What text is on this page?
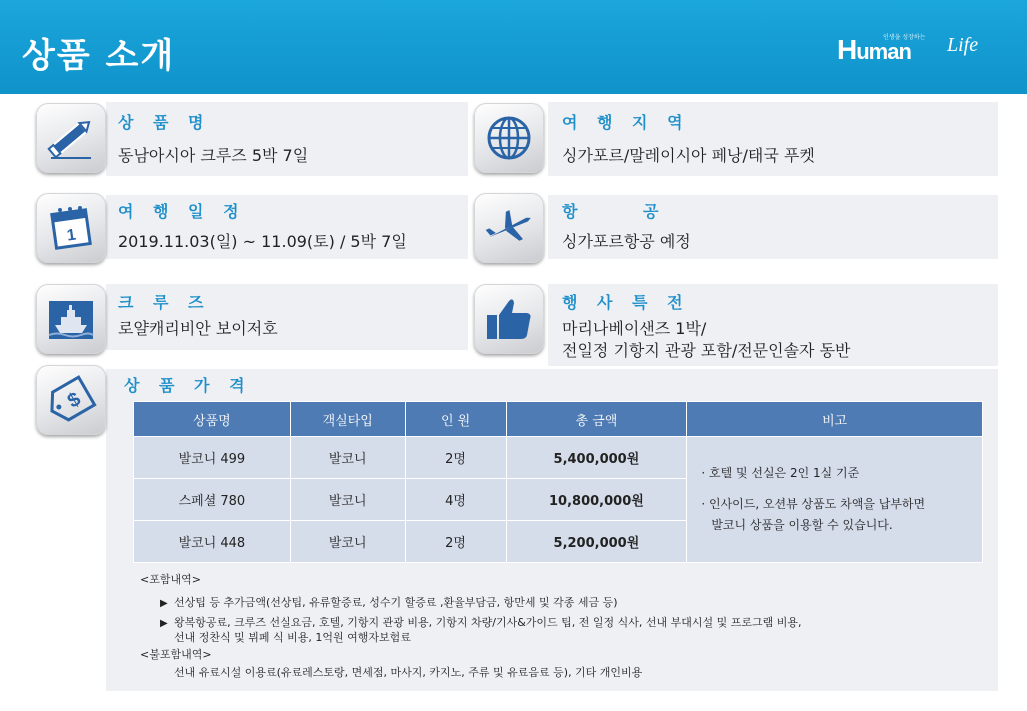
상품 소개	인생을 성장하는
Human Life
상 품 명
동남아시아 크루즈 5박 7일
여 행 지 역
싱가포르/말레이시아 페낭/태국 푸켓
1
여 행 일 정
2019.11.03(일) ~ 11.09(토) / 5박 7일
항 공
싱가포르항공 예정
크 루 즈
로얄캐리비안 보이저호
행 사 특 전
마리나베이샌즈 1박/
전일정 기항지 관광 포함/전문인솔자 동반
$
상 품 가 격
상품명	객실타입	인 원	총 금액	비고
발코니 499	발코니	2명	5,400,000원	· 호텔 및 선실은 2인 1실 기준

· 인사이드, 오션뷰 상품도 차액을 납부하면

발코니 상품을 이용할 수 있습니다.

스페셜 780	발코니	4명	10,800,000원	
발코니 448	발코니	2명	5,200,000원	
<포함내역>
▶ 선상팁 등 추가금액(선상팁, 유류할증료, 성수기 할증료 ,환율부담금, 항만세 및 각종 세금 등)
▶ 왕복항공료, 크루즈 선실요금, 호텔, 기항지 관광 비용, 기항지 차량/기사&가이드 팁, 전 일정 식사, 선내 부대시설 및 프로그램 비용,
선내 정찬식 및 뷔페 식 비용, 1억원 여행자보험료
<불포함내역>
선내 유료시설 이용료(유료레스토랑, 면세점, 마사지, 카지노, 주류 및 유료음료 등), 기타 개인비용
